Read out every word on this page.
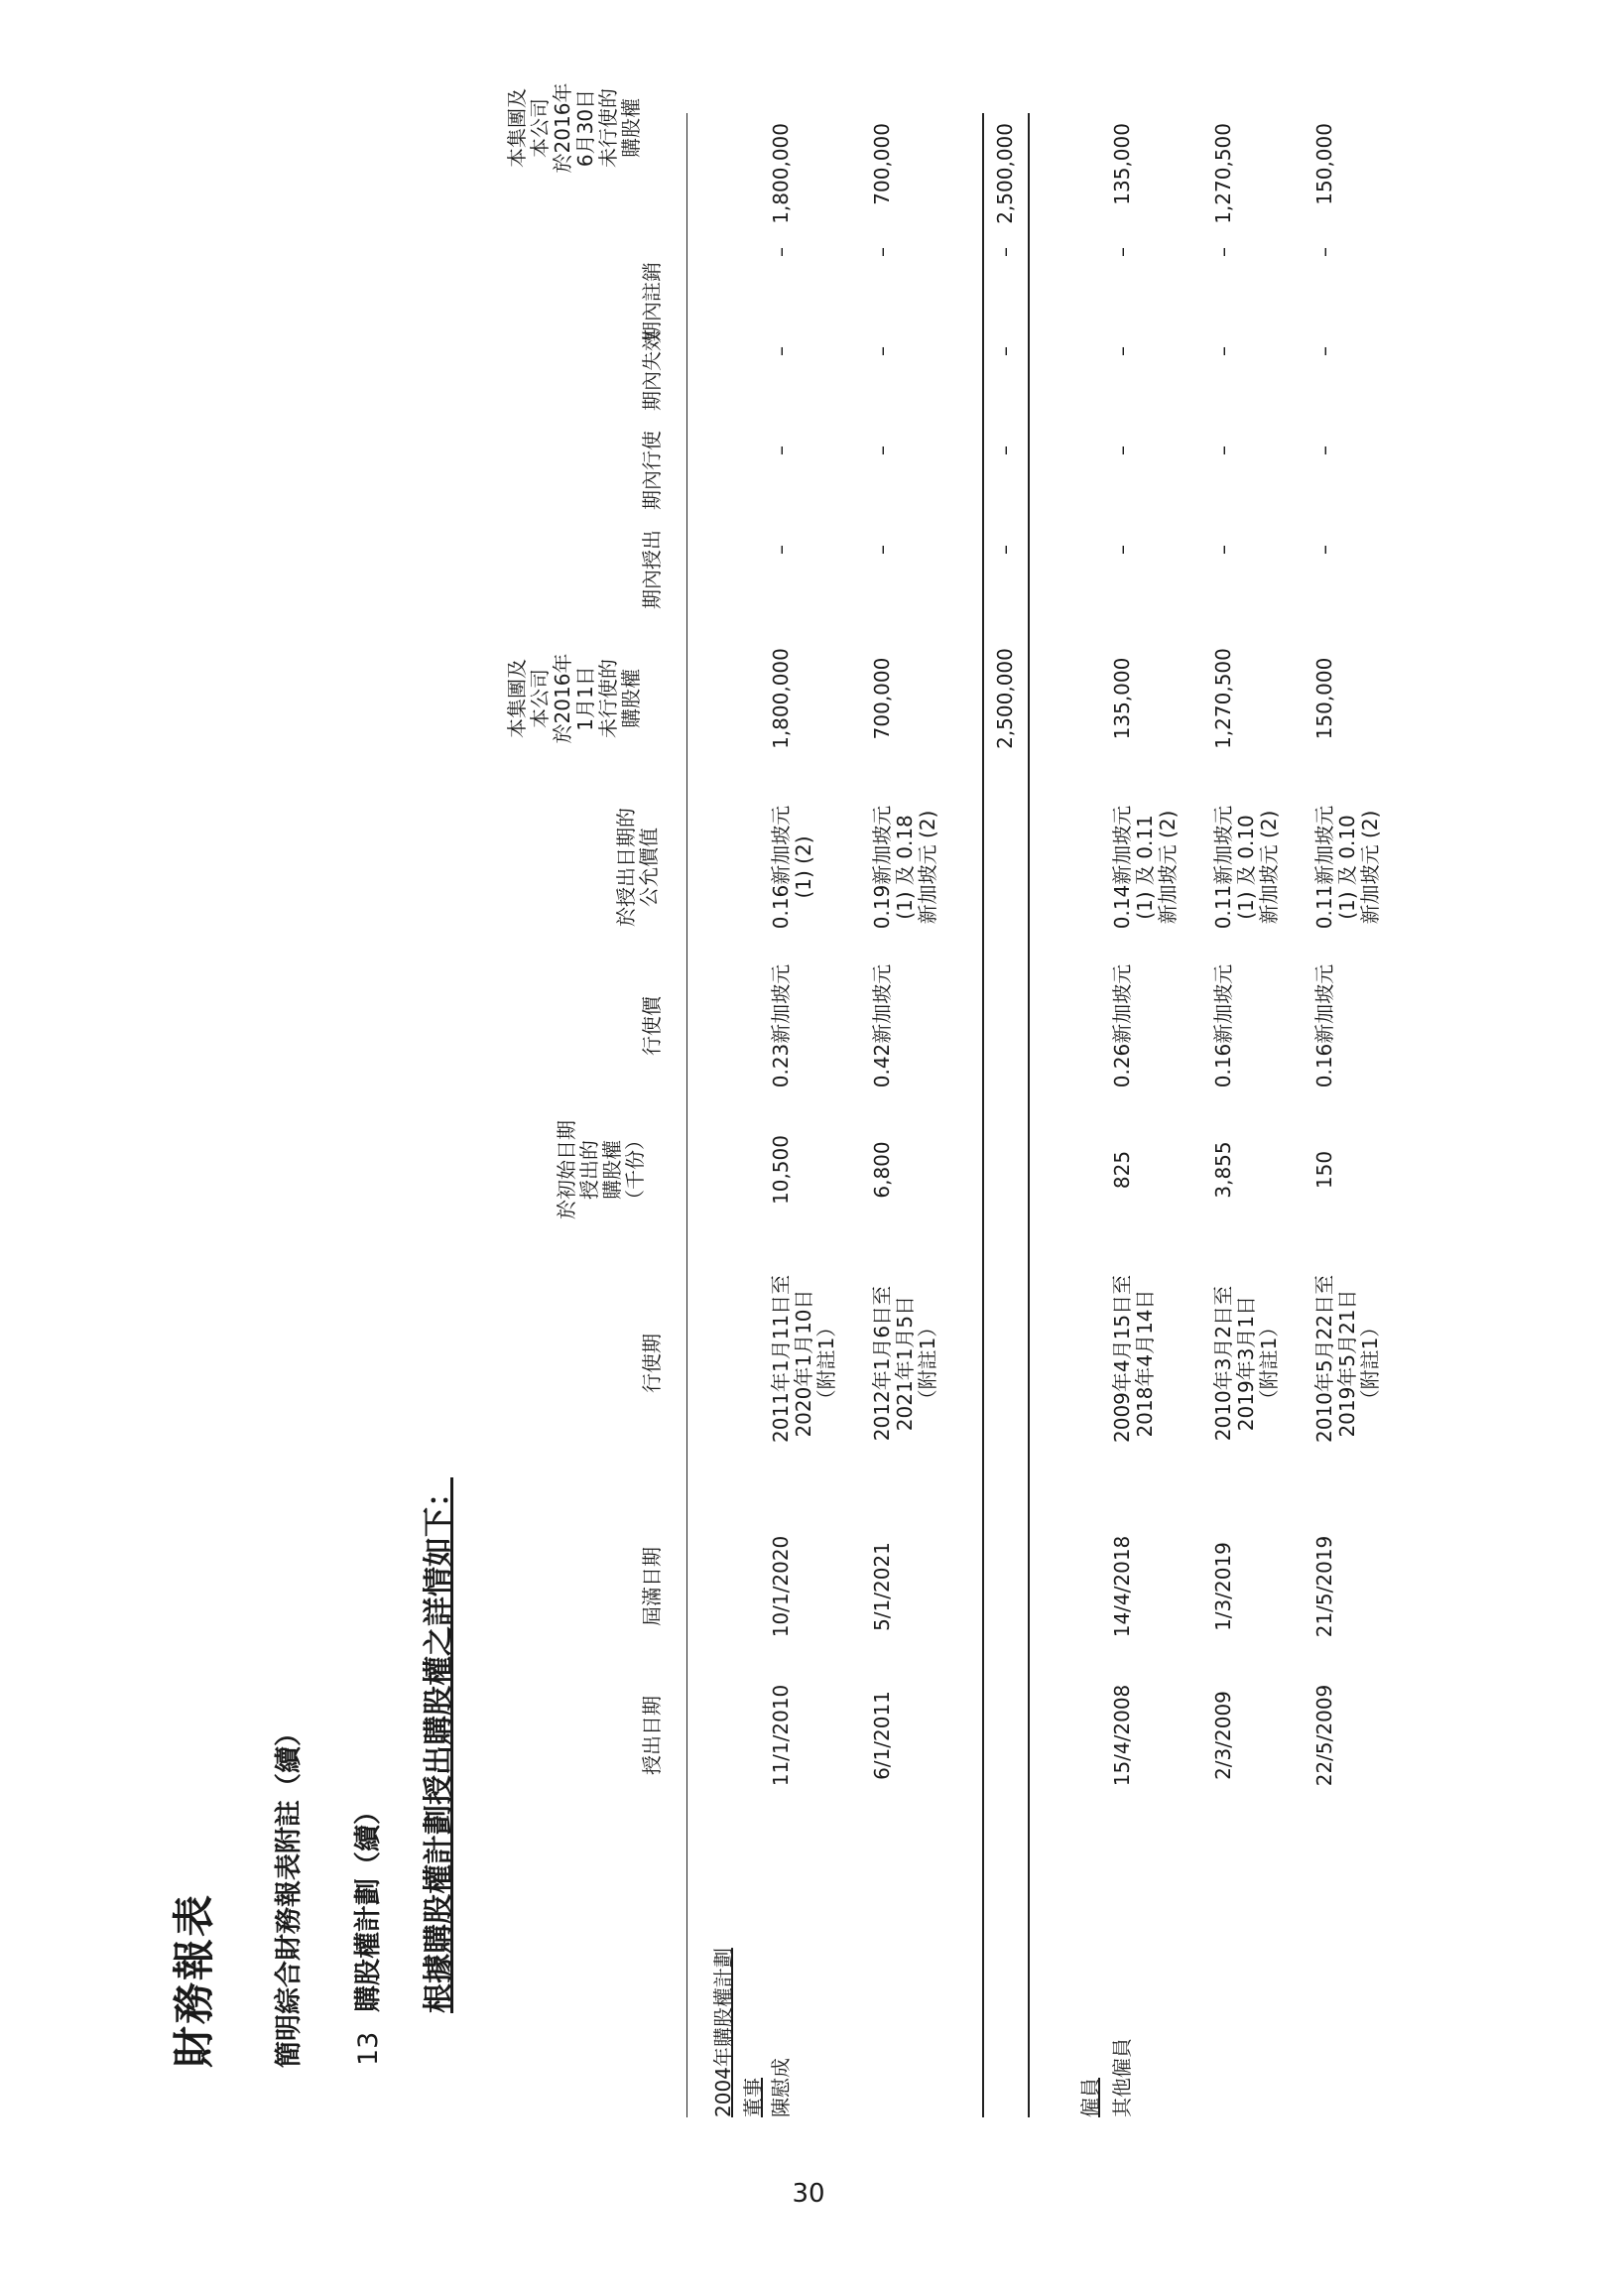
30
財務報表 簡明綜合財務報表附註（續） 13
購股權計劃（續） 根據購股權計劃授出購股權之詳情如下：	授出日期
屆滿日期
行使期
於初始日期
授出的
購股權
（千份）
行使價
於授出日期的
公允價值
本集團及
本公司
於2016年
1月1日
未行使的
購股權
期內授出
期內行使
期內失效
期內註銷
本集團及
本公司
於2016年
6月30日
未行使的
購股權
2004年購股權計劃 董事 陳慰成
11/1/2010
10/1/2020
2011年1月11日至
2020年1月10日
（附註1）
10,500
0.23新加坡元
0.16新加坡元
(1) (2)
1,800,000
–
–
–
–
1,800,000
6/1/2011
5/1/2021
2012年1月6日至
2021年1月5日
（附註1）
6,800
0.42新加坡元
0.19新加坡元
(1) 及 0.18
新加坡元 (2)
700,000
–
–
–
–
700,000
2,500,000
–
–
–
–
2,500,000
僱員 其他僱員
15/4/2008
14/4/2018
2009年4月15日至
2018年4月14日
825
0.26新加坡元
0.14新加坡元
(1) 及 0.11
新加坡元 (2)
135,000
–
–
–
–
135,000
2/3/2009
1/3/2019
2010年3月2日至
2019年3月1日
（附註1）
3,855
0.16新加坡元
0.11新加坡元
(1) 及 0.10
新加坡元 (2)
1,270,500
–
–
–
–
1,270,500
22/5/2009
21/5/2019
2010年5月22日至
2019年5月21日
（附註1）
150
0.16新加坡元
0.11新加坡元
(1) 及 0.10
新加坡元 (2)
150,000
–
–
–
–
150,000
